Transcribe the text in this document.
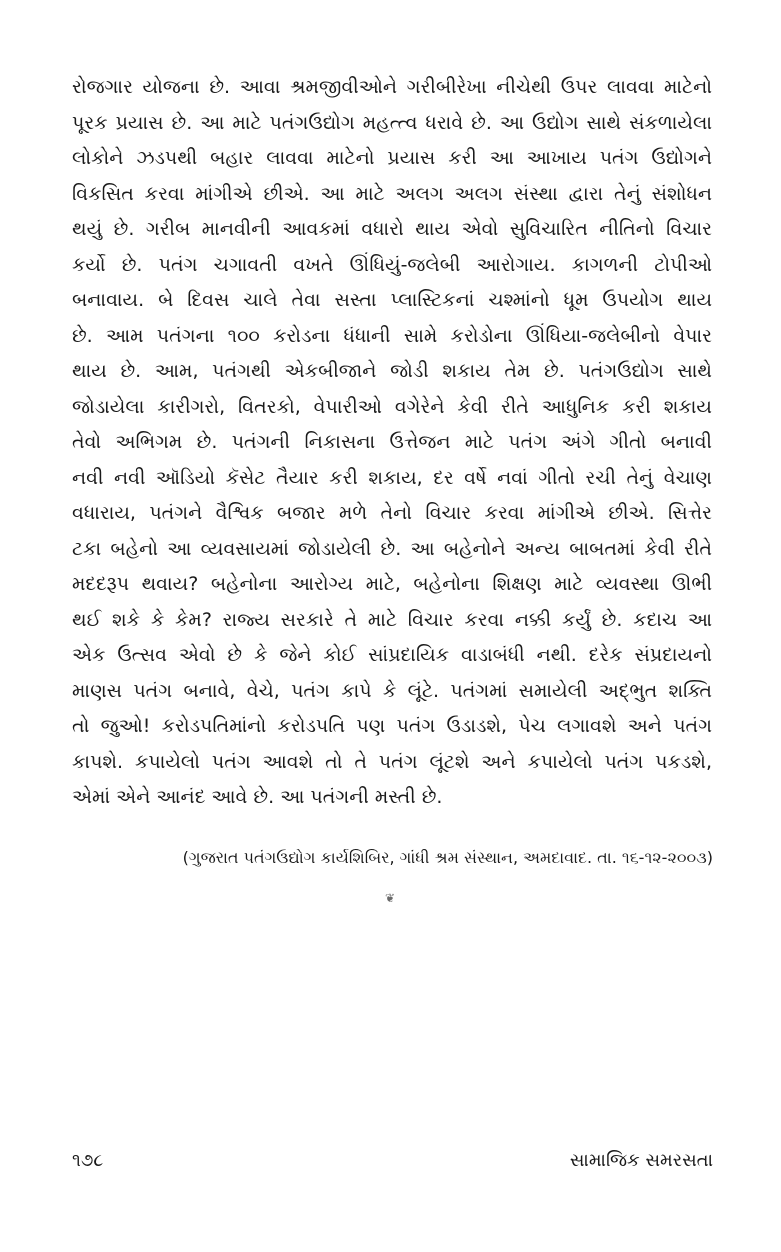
રોજગાર યોજના છે. આવા શ્રમજીવીઓને ગરીબીરેખા નીચેથી ઉપર લાવવા માટેનો
પૂરક પ્રયાસ છે. આ માટે પતંગઉદ્યોગ મહત્ત્વ ધરાવે છે. આ ઉદ્યોગ સાથે સંકળાયેલા
લોકોને ઝડપથી બહાર લાવવા માટેનો પ્રયાસ કરી આ આખાય પતંગ ઉદ્યોગને
વિકસિત કરવા માંગીએ છીએ. આ માટે અલગ અલગ સંસ્થા દ્વારા તેનું સંશોધન
થયું છે. ગરીબ માનવીની આવકમાં વધારો થાય એવો સુવિચારિત નીતિનો વિચાર
કર્યો છે. પતંગ ચગાવતી વખતે ઊંધિયું-જલેબી આરોગાય. કાગળની ટોપીઓ
બનાવાય. બે દિવસ ચાલે તેવા સસ્તા પ્લાસ્ટિકનાં ચશ્માંનો ધૂમ ઉપયોગ થાય
છે. આમ પતંગના ૧૦૦ કરોડના ધંધાની સામે કરોડોના ઊંધિયા-જલેબીનો વેપાર
થાય છે. આમ, પતંગથી એકબીજાને જોડી શકાય તેમ છે. પતંગઉદ્યોગ સાથે
જોડાયેલા કારીગરો, વિતરકો, વેપારીઓ વગેરેને કેવી રીતે આધુનિક કરી શકાય
તેવો અભિગમ છે. પતંગની નિકાસના ઉત્તેજન માટે પતંગ અંગે ગીતો બનાવી
નવી નવી ઑડિયો કૅસેટ તૈયાર કરી શકાય, દર વર્ષે નવાં ગીતો રચી તેનું વેચાણ
વધારાય, પતંગને વૈશ્વિક બજાર મળે તેનો વિચાર કરવા માંગીએ છીએ. સિત્તેર
ટકા બહેનો આ વ્યવસાયમાં જોડાયેલી છે. આ બહેનોને અન્ય બાબતમાં કેવી રીતે
મદદરૂપ થવાય? બહેનોના આરોગ્ય માટે, બહેનોના શિક્ષણ માટે વ્યવસ્થા ઊભી
થઈ શકે કે કેમ? રાજ્ય સરકારે તે માટે વિચાર કરવા નક્કી કર્યું છે. કદાચ આ
એક ઉત્સવ એવો છે કે જેને કોઈ સાંપ્રદાયિક વાડાબંધી નથી. દરેક સંપ્રદાયનો
માણસ પતંગ બનાવે, વેચે, પતંગ કાપે કે લૂંટે. પતંગમાં સમાયેલી અદ્ભુત શક્તિ
તો જુઓ! કરોડપતિમાંનો કરોડપતિ પણ પતંગ ઉડાડશે, પેચ લગાવશે અને પતંગ
કાપશે. કપાયેલો પતંગ આવશે તો તે પતંગ લૂંટશે અને કપાયેલો પતંગ પકડશે,
એમાં એને આનંદ આવે છે. આ પતંગની મસ્તી છે.

(ગુજરાત પતંગઉદ્યોગ કાર્યશિબિર, ગાંધી શ્રમ સંસ્થાન, અમદાવાદ. તા. ૧૬-૧૨-૨૦૦૩)

❦
૧૭૮	સામાજિક સમરસતા
